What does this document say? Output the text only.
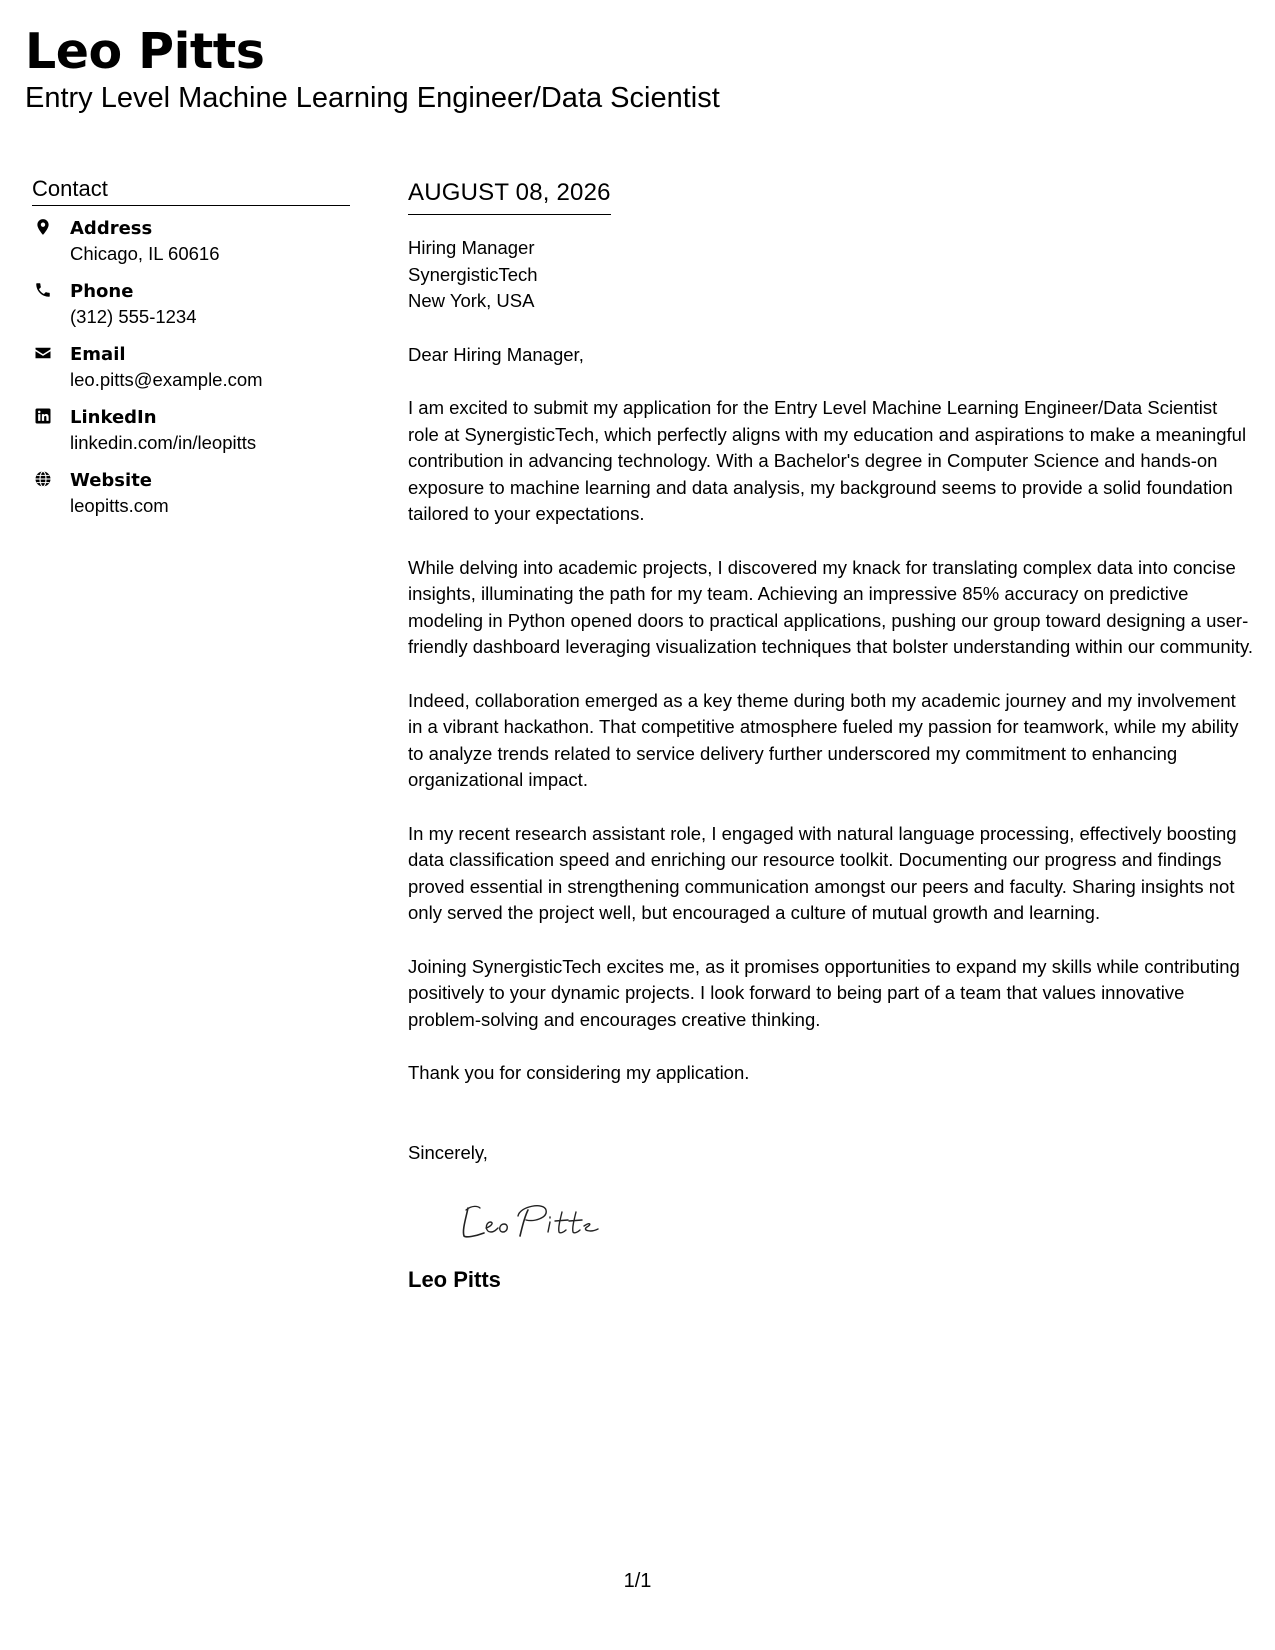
Leo Pitts
Entry Level Machine Learning Engineer/Data Scientist
Contact
Address
Chicago, IL 60616
Phone
(312) 555-1234
Email
leo.pitts@example.com
LinkedIn
linkedin.com/in/leopitts
Website
leopitts.com
AUGUST 08, 2026
Hiring Manager
SynergisticTech
New York, USA
Dear Hiring Manager,

I am excited to submit my application for the Entry Level Machine Learning Engineer/Data Scientist role at SynergisticTech, which perfectly aligns with my education and aspirations to make a meaningful contribution in advancing technology. With a Bachelor's degree in Computer Science and hands-on exposure to machine learning and data analysis, my background seems to provide a solid foundation tailored to your expectations.

While delving into academic projects, I discovered my knack for translating complex data into concise insights, illuminating the path for my team. Achieving an impressive 85% accuracy on predictive modeling in Python opened doors to practical applications, pushing our group toward designing a user-friendly dashboard leveraging visualization techniques that bolster understanding within our community.

Indeed, collaboration emerged as a key theme during both my academic journey and my involvement in a vibrant hackathon. That competitive atmosphere fueled my passion for teamwork, while my ability to analyze trends related to service delivery further underscored my commitment to enhancing organizational impact.

In my recent research assistant role, I engaged with natural language processing, effectively boosting data classification speed and enriching our resource toolkit. Documenting our progress and findings proved essential in strengthening communication amongst our peers and faculty. Sharing insights not only served the project well, but encouraged a culture of mutual growth and learning.

Joining SynergisticTech excites me, as it promises opportunities to expand my skills while contributing positively to your dynamic projects. I look forward to being part of a team that values innovative problem-solving and encourages creative thinking.

Thank you for considering my application.

Sincerely,
Leo Pitts
1/1
